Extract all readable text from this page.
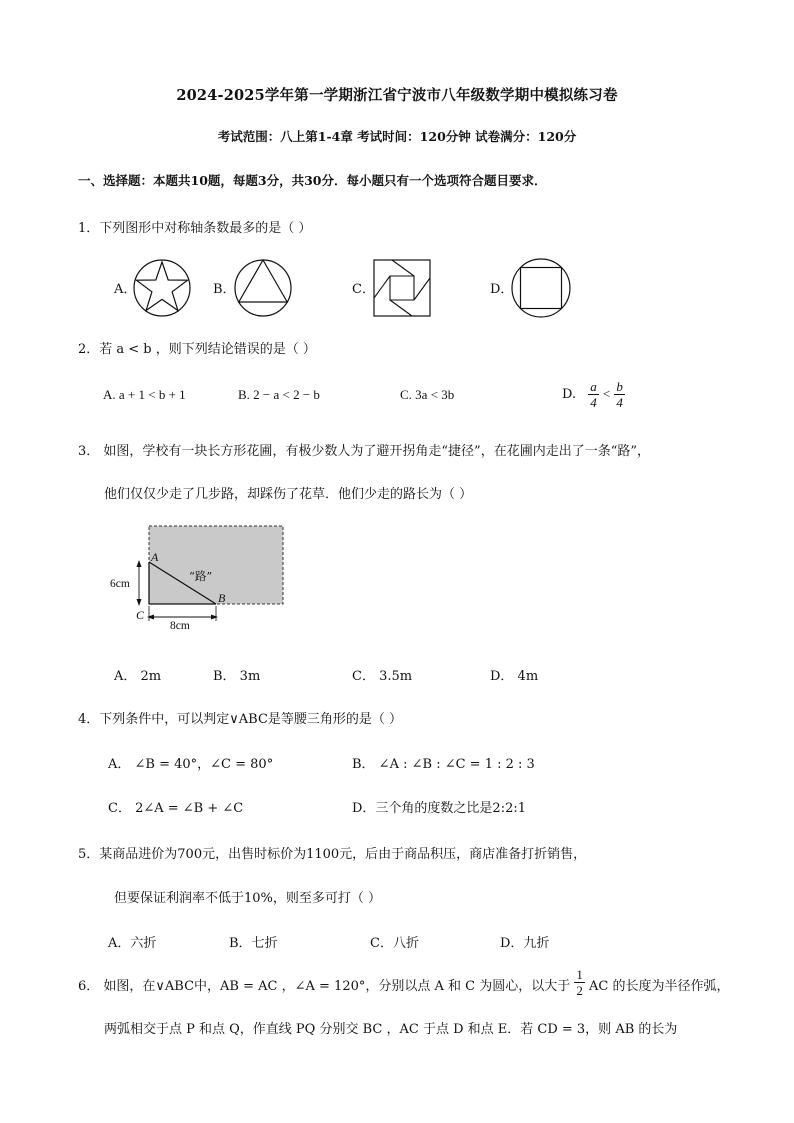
2024-2025学年第一学期浙江省宁波市八年级数学期中模拟练习卷
考试范围：八上第1-4章 考试时间：120分钟 试卷满分：120分
一、选择题：本题共10题，每题3分，共30分．每小题只有一个选项符合题目要求．
1．下列图形中对称轴条数最多的是（ ）
A．	B．	C．	D．
2．若 a < b ，则下列结论错误的是（ ）
A. a + 1 < b + 1	B. 2 − a < 2 − b	C. 3a < 3b	D. $\frac{a}{4} < \frac{b}{4}$
3． 如图，学校有一块长方形花圃，有极少数人为了避开拐角走“捷径”，在花圃内走出了一条“路”，
他们仅仅少走了几步路，却踩伤了花草．他们少走的路长为（ ）
A
B
C
“路”
6cm
8cm
A． 2m	B． 3m	C． 3.5m	D． 4m
4．下列条件中，可以判定∨ABC是等腰三角形的是（ ）
A． ∠B = 40°，∠C = 80°	B． ∠A : ∠B : ∠C = 1 : 2 : 3
C． 2∠A = ∠B + ∠C	D．三个角的度数之比是2:2:1
5．某商品进价为700元，出售时标价为1100元，后由于商品积压，商店准备打折销售，
但要保证利润率不低于10%，则至多可打（ ）
A．六折	B．七折	C．八折	D．九折
6． 如图，在∨ABC中，AB = AC ，∠A = 120°，分别以点 A 和 C 为圆心，以大于 $\frac{1}{2}$ AC 的长度为半径作弧，
两弧相交于点 P 和点 Q，作直线 PQ 分别交 BC ，AC 于点 D 和点 E．若 CD = 3，则 AB 的长为
